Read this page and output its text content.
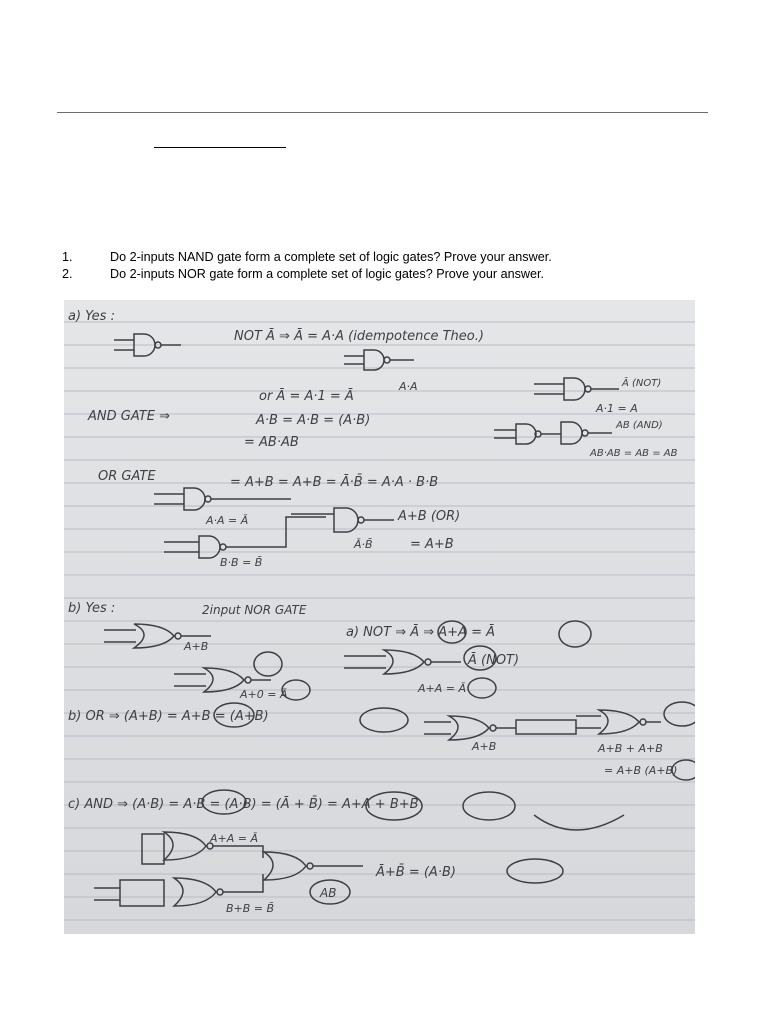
1.	Do 2-inputs NAND gate form a complete set of logic gates? Prove your answer.
2.	Do 2-inputs NOR gate form a complete set of logic gates? Prove your answer.
a) Yes :
NOT Ā ⇒ Ā = A·A (idempotence Theo.)
A·A
or Ā = A·1 = Ā
Ā (NOT)
A·1 = A
AND GATE ⇒	A·B = A·B = (A·B)
= AB·AB
AB (AND)
AB·AB = AB = AB
OR GATE	= A+B = A+B = Ā·B̄ = A·A · B·B
A·A = Ā	A+B (OR)
Ā·B̄	= A+B
B·B = B̄
b) Yes :	2input NOR GATE
A+B
a) NOT ⇒ Ā ⇒ A+A = Ā
A+0 = Ā
Ā (NOT)
A+A = Ā
b) OR ⇒ (A+B) = A+B = (A+B)
A+B	A+B + A+B
= A+B (A+B)
c) AND ⇒ (A·B) = A·B = (A·B) = (Ā + B̄) = A+A + B+B
A+A = Ā
Ā+B̄ = (A·B)
B+B = B̄
AB
